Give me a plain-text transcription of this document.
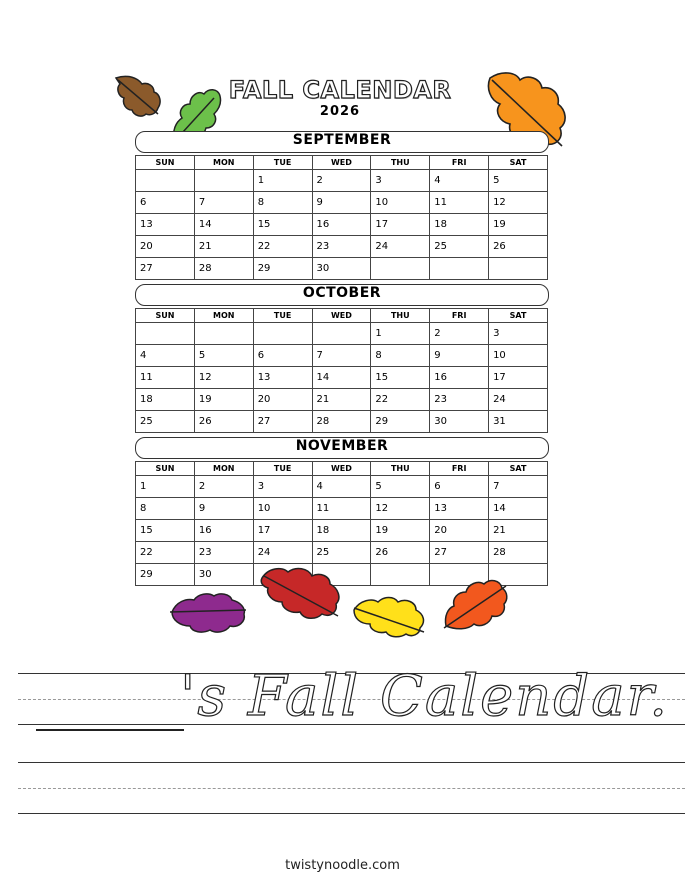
FALL CALENDAR
2026
SEPTEMBER
SUN	MON	TUE	WED	THU	FRI	SAT
		1	2	3	4	5
6	7	8	9	10	11	12
13	14	15	16	17	18	19
20	21	22	23	24	25	26
27	28	29	30			
OCTOBER
SUN	MON	TUE	WED	THU	FRI	SAT
				1	2	3
4	5	6	7	8	9	10
11	12	13	14	15	16	17
18	19	20	21	22	23	24
25	26	27	28	29	30	31
NOVEMBER
SUN	MON	TUE	WED	THU	FRI	SAT
1	2	3	4	5	6	7
8	9	10	11	12	13	14
15	16	17	18	19	20	21
22	23	24	25	26	27	28
29	30					
's Fall Calendar.
twistynoodle.com
